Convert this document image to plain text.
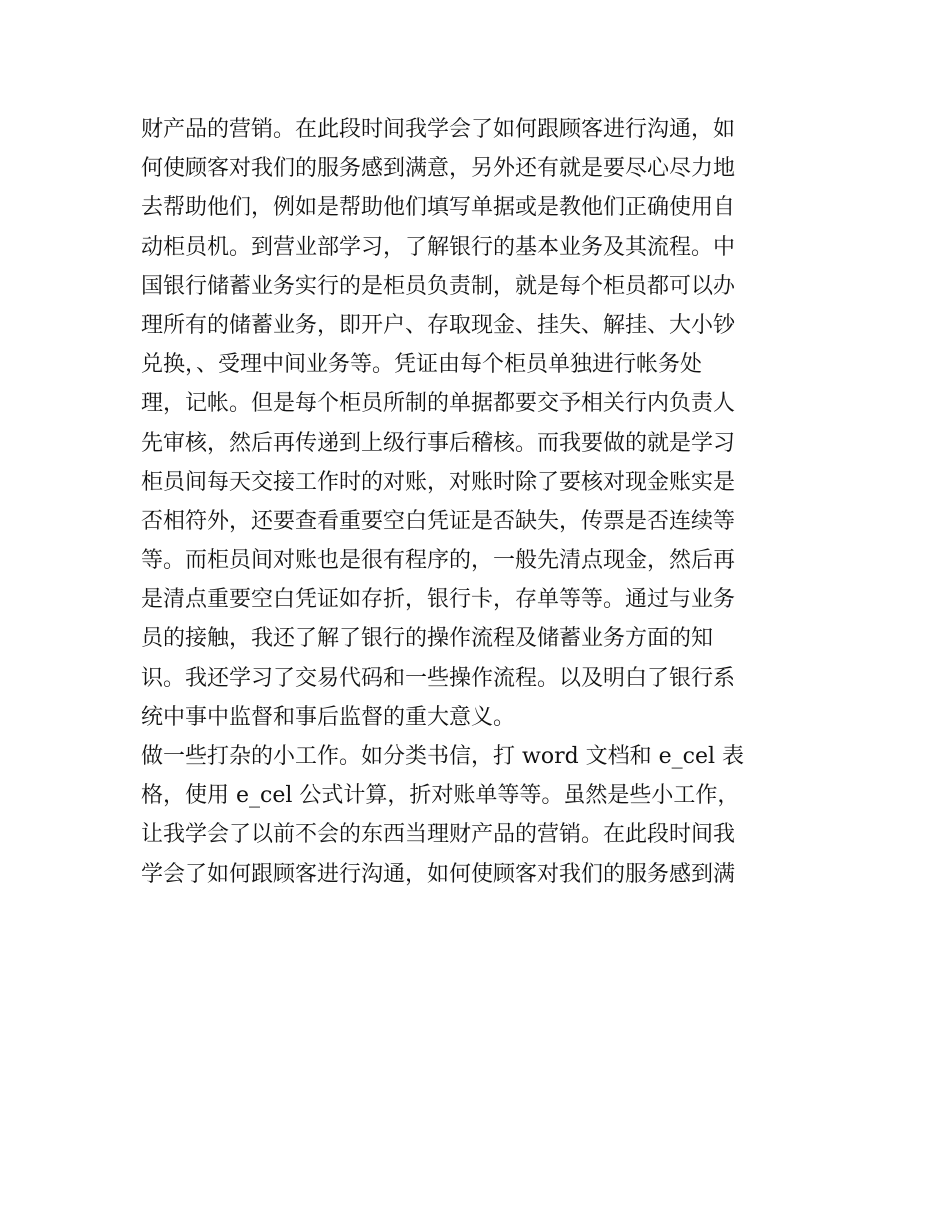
财产品的营销。在此段时间我学会了如何跟顾客进行沟通，如
何使顾客对我们的服务感到满意，另外还有就是要尽心尽力地
去帮助他们，例如是帮助他们填写单据或是教他们正确使用自
动柜员机。到营业部学习，了解银行的基本业务及其流程。中
国银行储蓄业务实行的是柜员负责制，就是每个柜员都可以办
理所有的储蓄业务，即开户、存取现金、挂失、解挂、大小钞
兑换，、受理中间业务等。凭证由每个柜员单独进行帐务处
理，记帐。但是每个柜员所制的单据都要交予相关行内负责人
先审核，然后再传递到上级行事后稽核。而我要做的就是学习
柜员间每天交接工作时的对账，对账时除了要核对现金账实是
否相符外，还要查看重要空白凭证是否缺失，传票是否连续等
等。而柜员间对账也是很有程序的，一般先清点现金，然后再
是清点重要空白凭证如存折，银行卡，存单等等。通过与业务
员的接触，我还了解了银行的操作流程及储蓄业务方面的知
识。我还学习了交易代码和一些操作流程。以及明白了银行系
统中事中监督和事后监督的重大意义。
做一些打杂的小工作。如分类书信，打 word 文档和 e_cel 表
格，使用 e_cel 公式计算，折对账单等等。虽然是些小工作，
让我学会了以前不会的东西当理财产品的营销。在此段时间我
学会了如何跟顾客进行沟通，如何使顾客对我们的服务感到满
